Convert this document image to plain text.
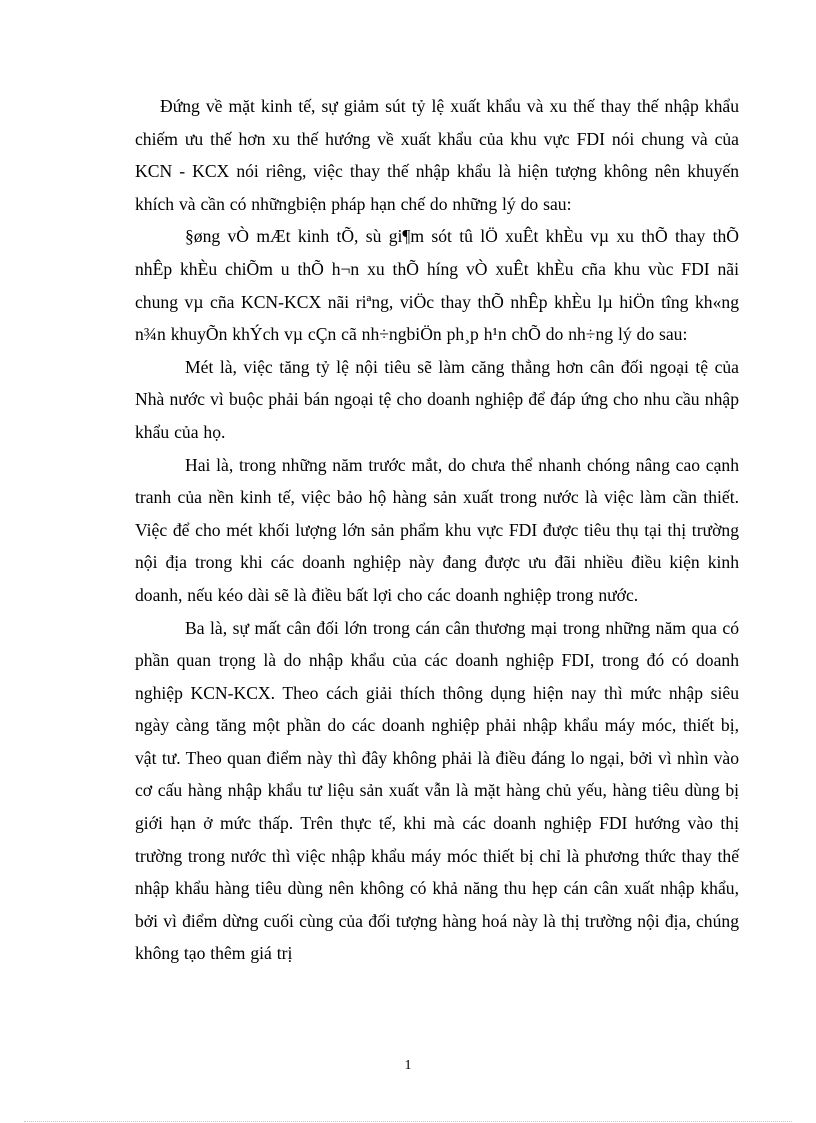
Đứng về mặt kinh tế, sự giảm sút tỷ lệ xuất khẩu và xu thế thay thế nhập khẩu chiếm ưu thế hơn xu thế hướng về xuất khẩu của khu vực FDI nói chung và của KCN - KCX nói riêng, việc thay thế nhập khẩu là hiện tượng không nên khuyến khích và cần có nhữngbiện pháp hạn chế do những lý do sau:

§øng vÒ mÆt kinh tÕ, sù gi¶m sót tû lÖ xuÊt khÈu vµ xu thÕ thay thÕ nhÊp khÈu chiÕm u thÕ h¬n xu thÕ híng vÒ xuÊt khÈu cña khu vùc FDI nãi chung vµ cña KCN-KCX nãi riªng, viÖc thay thÕ nhÊp khÈu lµ hiÖn tîng kh«ng n¾n khuyÕn khÝch vµ cÇn cã nh÷ngbiÖn ph¸p h¹n chÕ do nh÷ng lý do sau:

Mét là, việc tăng tỷ lệ nội tiêu sẽ làm căng thẳng hơn cân đối ngoại tệ của Nhà nước vì buộc phải bán ngoại tệ cho doanh nghiệp để đáp ứng cho nhu cầu nhập khẩu của họ.

Hai là, trong những năm trước mắt, do chưa thể nhanh chóng nâng cao cạnh tranh của nền kinh tế, việc bảo hộ hàng sản xuất trong nước là việc làm cần thiết. Việc để cho mét khối lượng lớn sản phẩm khu vực FDI được tiêu thụ tại thị trường nội địa trong khi các doanh nghiệp này đang được ưu đãi nhiều điều kiện kinh doanh, nếu kéo dài sẽ là điều bất lợi cho các doanh nghiệp trong nước.

Ba là, sự mất cân đối lớn trong cán cân thương mại trong những năm qua có phần quan trọng là do nhập khẩu của các doanh nghiệp FDI, trong đó có doanh nghiệp KCN-KCX. Theo cách giải thích thông dụng hiện nay thì mức nhập siêu ngày càng tăng một phần do các doanh nghiệp phải nhập khẩu máy móc, thiết bị, vật tư. Theo quan điểm này thì đây không phải là điều đáng lo ngại, bởi vì nhìn vào cơ cấu hàng nhập khẩu tư liệu sản xuất vẫn là mặt hàng chủ yếu, hàng tiêu dùng bị giới hạn ở mức thấp. Trên thực tế, khi mà các doanh nghiệp FDI hướng vào thị trường trong nước thì việc nhập khẩu máy móc thiết bị chỉ là phương thức thay thế nhập khẩu hàng tiêu dùng nên không có khả năng thu hẹp cán cân xuất nhập khẩu, bởi vì điểm dừng cuối cùng của đối tượng hàng hoá này là thị trường nội địa, chúng không tạo thêm giá trị

1
